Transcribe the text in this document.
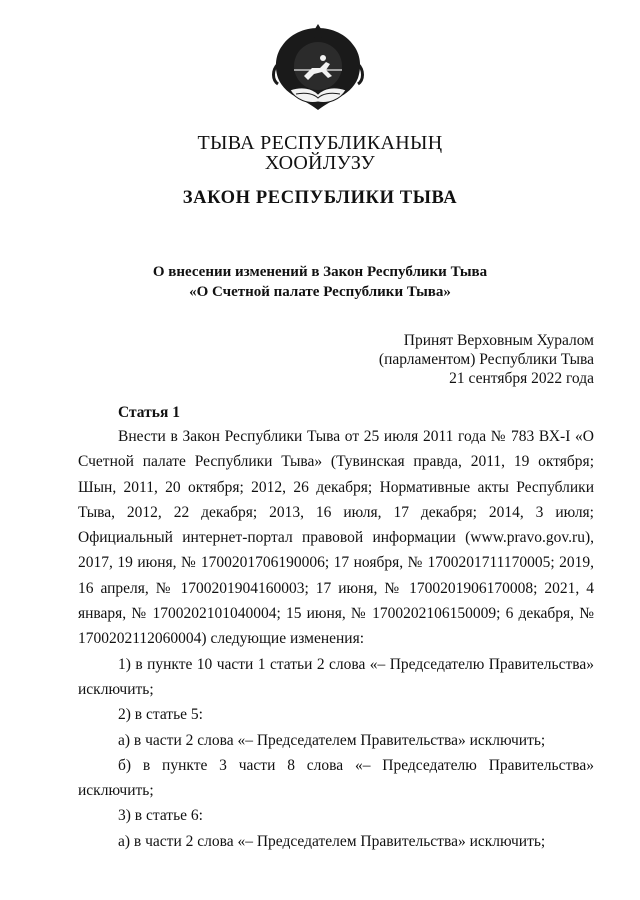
ТЫВА РЕСПУБЛИКАНЫҢ
ХООЙЛУЗУ
ЗАКОН РЕСПУБЛИКИ ТЫВА
О внесении изменений в Закон Республики Тыва
«О Счетной палате Республики Тыва»
Принят Верховным Хуралом
(парламентом) Республики Тыва
21 сентября 2022 года
Статья 1

Внести в Закон Республики Тыва от 25 июля 2011 года № 783 ВХ-I «О Счетной палате Республики Тыва» (Тувинская правда, 2011, 19 октября; Шын, 2011, 20 октября; 2012, 26 декабря; Нормативные акты Республики Тыва, 2012, 22 декабря; 2013, 16 июля, 17 декабря; 2014, 3 июля; Официальный интернет-портал правовой информации (www.pravo.gov.ru), 2017, 19 июня, № 1700201706190006; 17 ноября, № 1700201711170005; 2019, 16 апреля, № 1700201904160003; 17 июня, № 1700201906170008; 2021, 4 января, № 1700202101040004; 15 июня, № 1700202106150009; 6 декабря, № 1700202112060004) следующие изменения:

1) в пункте 10 части 1 статьи 2 слова «– Председателю Правительства» исключить;

2) в статье 5:

а) в части 2 слова «– Председателем Правительства» исключить;

б) в пункте 3 части 8 слова «– Председателю Правительства» исключить;

3) в статье 6:

а) в части 2 слова «– Председателем Правительства» исключить;
